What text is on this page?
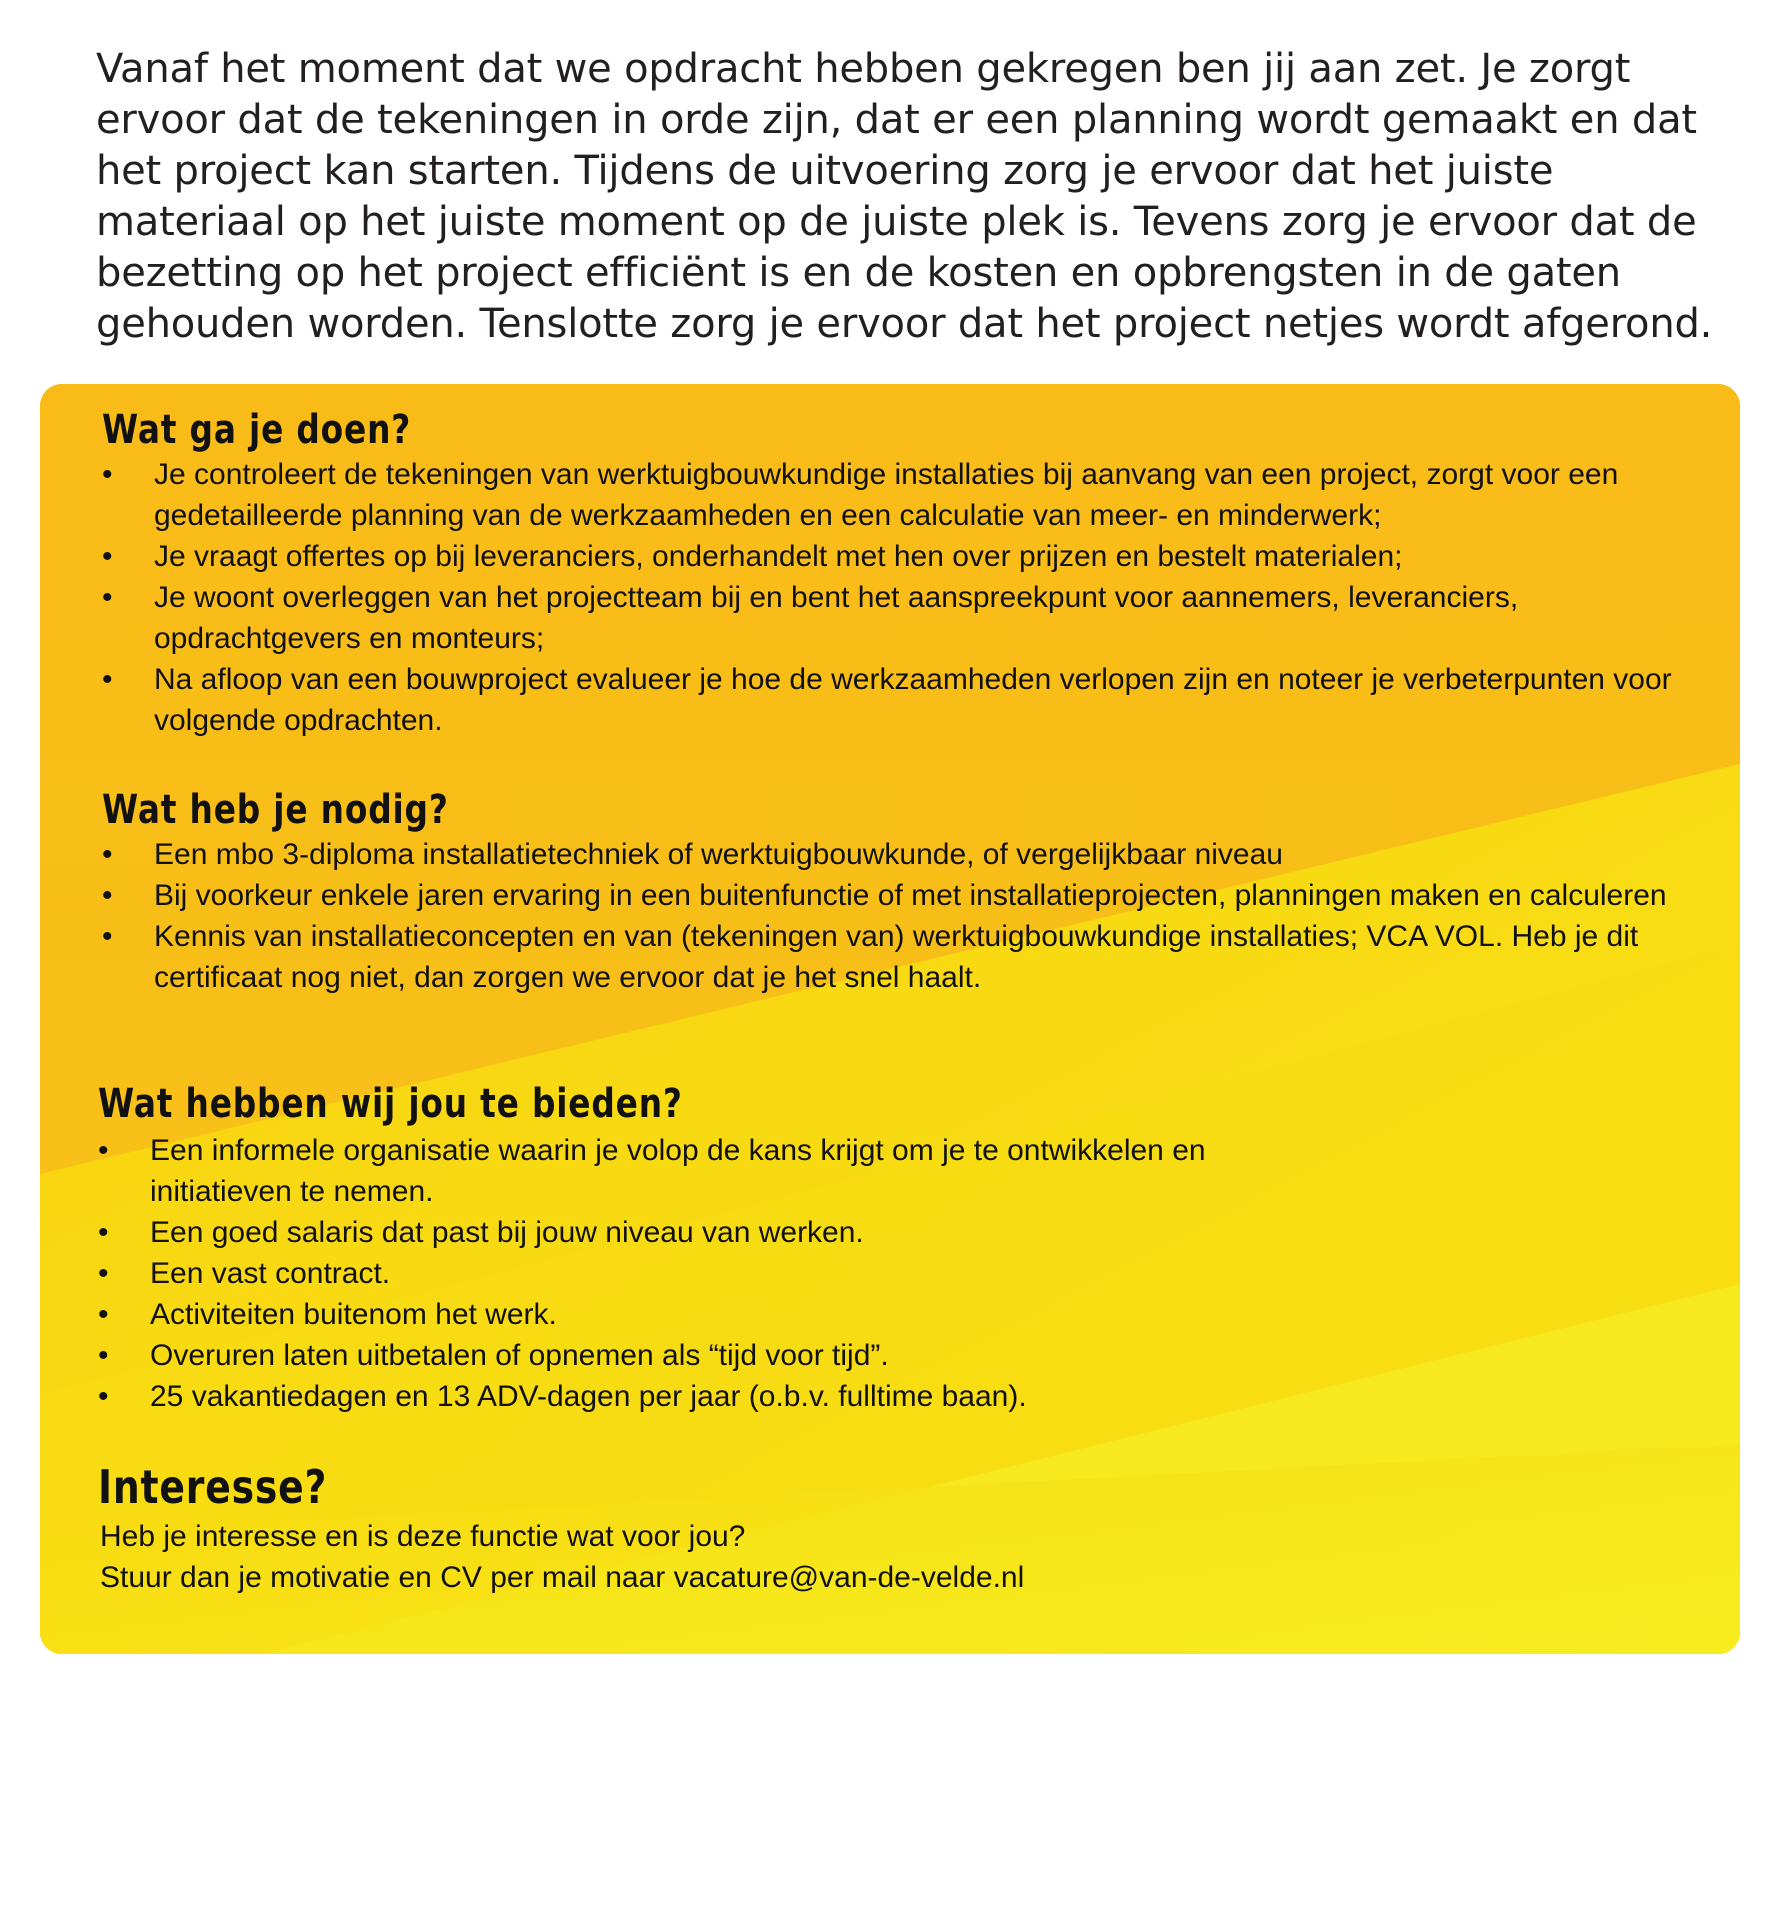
Vanaf het moment dat we opdracht hebben gekregen ben jij aan zet. Je zorgt ervoor dat de tekeningen in orde zijn, dat er een planning wordt gemaakt en dat het project kan starten. Tijdens de uitvoering zorg je ervoor dat het juiste materiaal op het juiste moment op de juiste plek is. Tevens zorg je ervoor dat de bezetting op het project efficiënt is en de kosten en opbrengsten in de gaten gehouden worden. Tenslotte zorg je ervoor dat het project netjes wordt afgerond.
Wat ga je doen?
•	Je controleert de tekeningen van werktuigbouwkundige installaties bij aanvang van een project, zorgt voor een gedetailleerde planning van de werkzaamheden en een calculatie van meer- en minderwerk;
•	Je vraagt offertes op bij leveranciers, onderhandelt met hen over prijzen en bestelt materialen;
•	Je woont overleggen van het projectteam bij en bent het aanspreekpunt voor aannemers, leveranciers, opdrachtgevers en monteurs;
•	Na afloop van een bouwproject evalueer je hoe de werkzaamheden verlopen zijn en noteer je verbeterpunten voor volgende opdrachten.
Wat heb je nodig?
•	Een mbo 3-diploma installatietechniek of werktuigbouwkunde, of vergelijkbaar niveau
•	Bij voorkeur enkele jaren ervaring in een buitenfunctie of met installatieprojecten, planningen maken en calculeren
•	Kennis van installatieconcepten en van (tekeningen van) werktuigbouwkundige installaties; VCA VOL. Heb je dit certificaat nog niet, dan zorgen we ervoor dat je het snel haalt.
Wat hebben wij jou te bieden?
•	Een informele organisatie waarin je volop de kans krijgt om je te ontwikkelen en initiatieven te nemen.
•	Een goed salaris dat past bij jouw niveau van werken.
•	Een vast contract.
•	Activiteiten buitenom het werk.
•	Overuren laten uitbetalen of opnemen als “tijd voor tijd”.
•	25 vakantiedagen en 13 ADV-dagen per jaar (o.b.v. fulltime baan).
Interesse?
Heb je interesse en is deze functie wat voor jou?
Stuur dan je motivatie en CV per mail naar vacature@van-de-velde.nl
